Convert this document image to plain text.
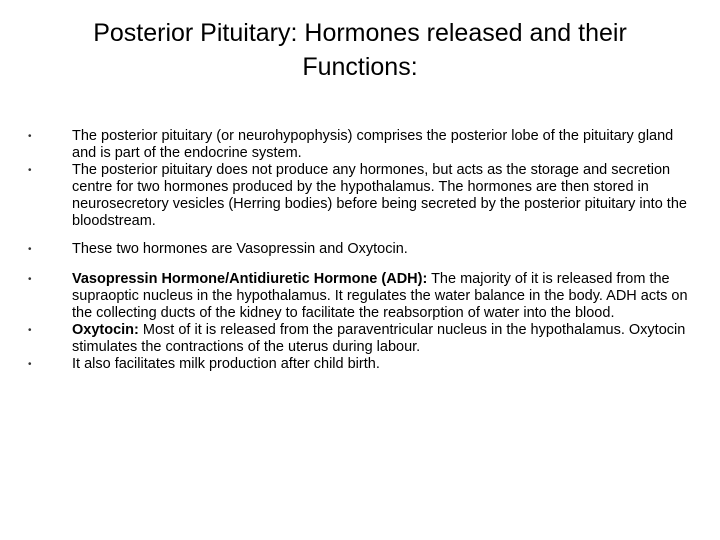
Posterior Pituitary: Hormones released and their
Functions:
•	The posterior pituitary (or neurohypophysis) comprises the posterior lobe of the pituitary gland and is part of the endocrine system.
•	The posterior pituitary does not produce any hormones, but acts as the storage and secretion centre for two hormones produced by the hypothalamus. The hormones are then stored in neurosecretory vesicles (Herring bodies) before being secreted by the posterior pituitary into the bloodstream.
•	These two hormones are Vasopressin and Oxytocin.
•	Vasopressin Hormone/Antidiuretic Hormone (ADH): The majority of it is released from the supraoptic nucleus in the hypothalamus. It regulates the water balance in the body. ADH acts on the collecting ducts of the kidney to facilitate the reabsorption of water into the blood.
•	Oxytocin: Most of it is released from the paraventricular nucleus in the hypothalamus. Oxytocin stimulates the contractions of the uterus during labour.
•	It also facilitates milk production after child birth.
